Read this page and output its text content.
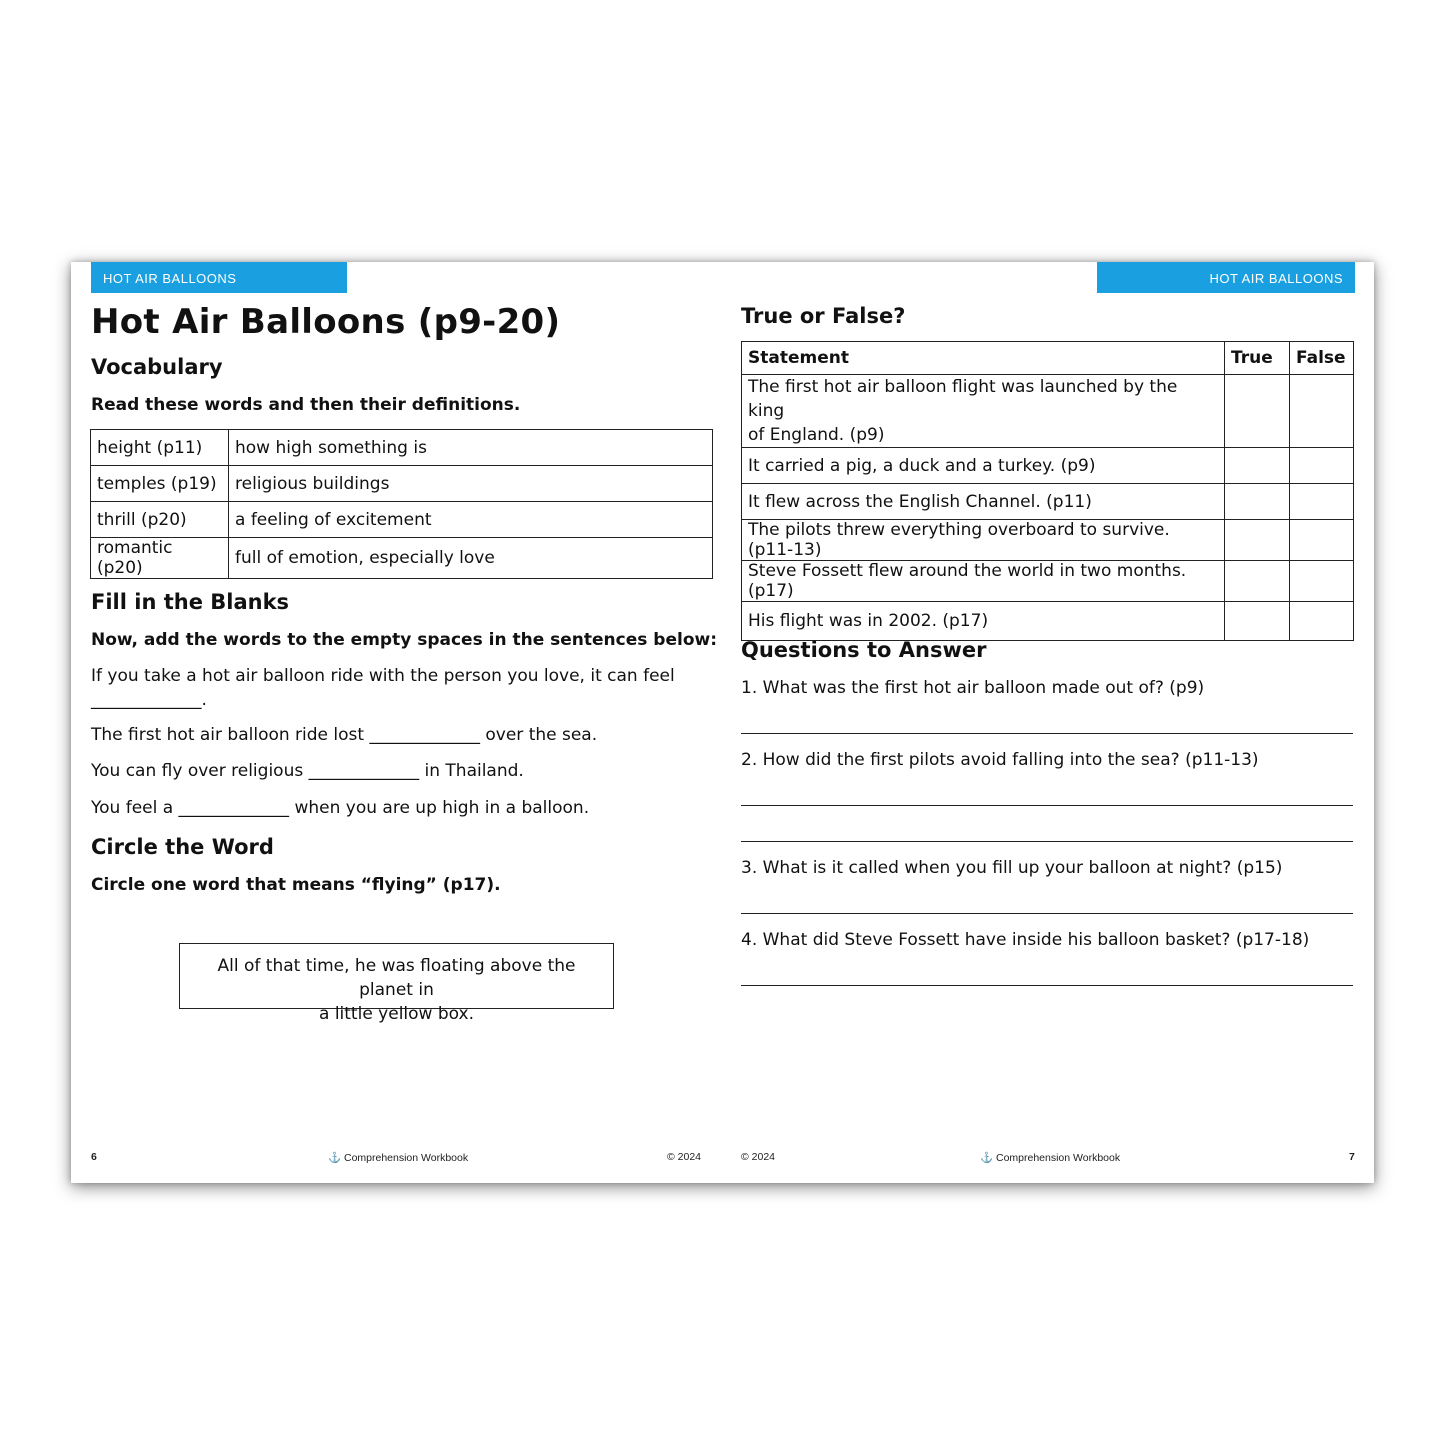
HOT AIR BALLOONS
Hot Air Balloons (p9-20)
Vocabulary
Read these words and then their definitions.
height (p11)	how high something is
temples (p19)	religious buildings
thrill (p20)	a feeling of excitement
romantic (p20)	full of emotion, especially love
Fill in the Blanks
Now, add the words to the empty spaces in the sentences below:
If you take a hot air balloon ride with the person you love, it can feel
_____________.
The first hot air balloon ride lost _____________ over the sea.
You can fly over religious _____________ in Thailand.
You feel a _____________ when you are up high in a balloon.
Circle the Word
Circle one word that means “flying” (p17).
All of that time, he was floating above the planet in
a little yellow box.
6	⚓ Comprehension Workbook	© 2024
HOT AIR BALLOONS
True or False?
Statement	True	False

The first hot air balloon flight was launched by the king
of England. (p9)		

It carried a pig, a duck and a turkey. (p9)		
It flew across the English Channel. (p11)		
The pilots threw everything overboard to survive. (p11-13)		
Steve Fossett flew around the world in two months. (p17)		
His flight was in 2002. (p17)		
Questions to Answer
1. What was the first hot air balloon made out of? (p9)
2. How did the first pilots avoid falling into the sea? (p11-13)
3. What is it called when you fill up your balloon at night? (p15)
4. What did Steve Fossett have inside his balloon basket? (p17-18)
© 2024	⚓ Comprehension Workbook	7
